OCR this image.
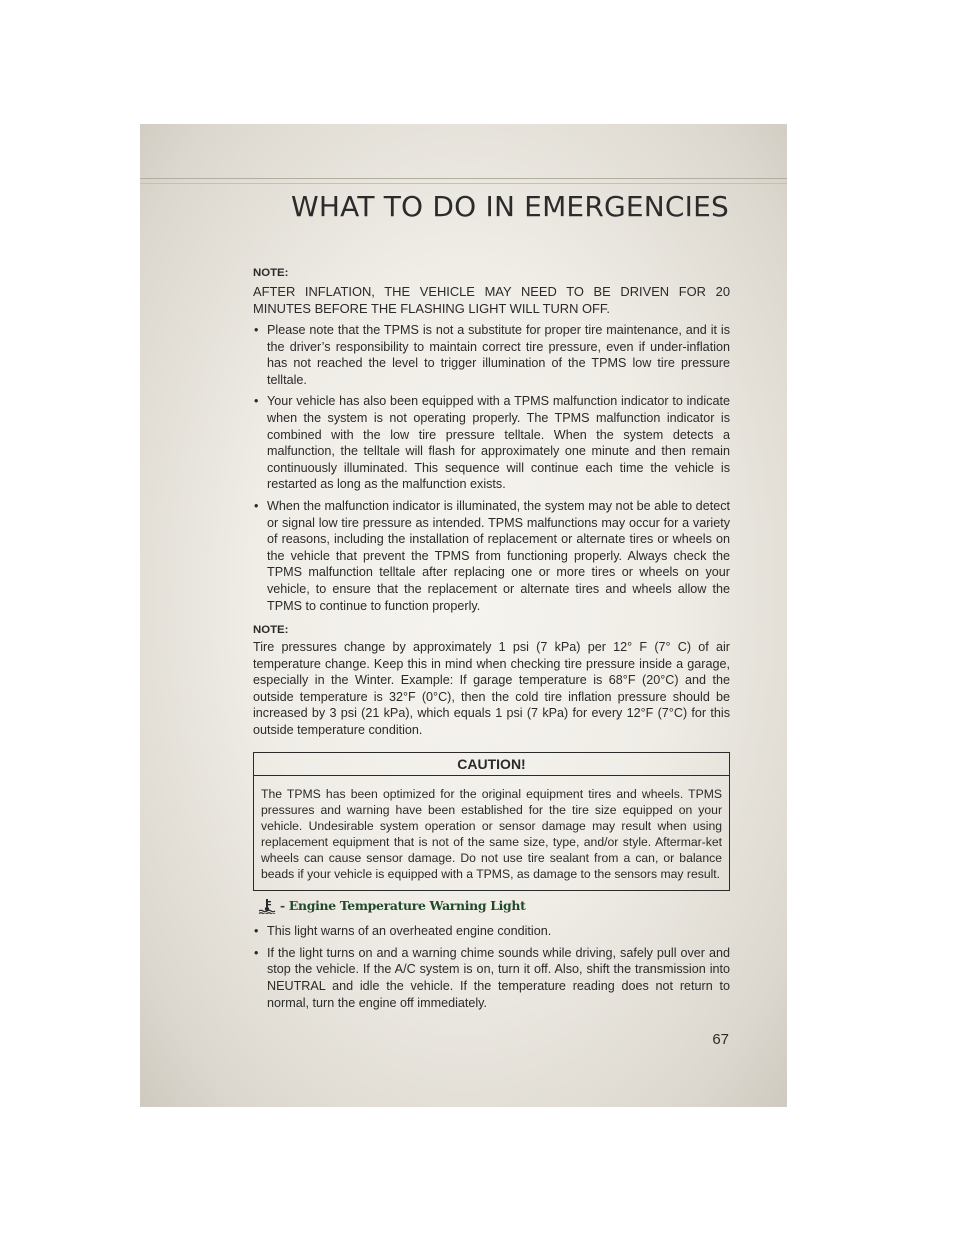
WHAT TO DO IN EMERGENCIES

NOTE:

AFTER INFLATION, THE VEHICLE MAY NEED TO BE DRIVEN FOR 20 MINUTES BEFORE THE FLASHING LIGHT WILL TURN OFF.

• Please note that the TPMS is not a substitute for proper tire maintenance, and it is the driver’s responsibility to maintain correct tire pressure, even if under-inflation has not reached the level to trigger illumination of the TPMS low tire pressure telltale.
• Your vehicle has also been equipped with a TPMS malfunction indicator to indicate when the system is not operating properly. The TPMS malfunction indicator is combined with the low tire pressure telltale. When the system detects a malfunction, the telltale will flash for approximately one minute and then remain continuously illuminated. This sequence will continue each time the vehicle is restarted as long as the malfunction exists.
• When the malfunction indicator is illuminated, the system may not be able to detect or signal low tire pressure as intended. TPMS malfunctions may occur for a variety of reasons, including the installation of replacement or alternate tires or wheels on the vehicle that prevent the TPMS from functioning properly. Always check the TPMS malfunction telltale after replacing one or more tires or wheels on your vehicle, to ensure that the replacement or alternate tires and wheels allow the TPMS to continue to function properly.

NOTE:

Tire pressures change by approximately 1 psi (7 kPa) per 12° F (7° C) of air temperature change. Keep this in mind when checking tire pressure inside a garage, especially in the Winter. Example: If garage temperature is 68°F (20°C) and the outside temperature is 32°F (0°C), then the cold tire inflation pressure should be increased by 3 psi (21 kPa), which equals 1 psi (7 kPa) for every 12°F (7°C) for this outside temperature condition.

CAUTION!
The TPMS has been optimized for the original equipment tires and wheels. TPMS pressures and warning have been established for the tire size equipped on your vehicle. Undesirable system operation or sensor damage may result when using replacement equipment that is not of the same size, type, and/or style. Aftermar-ket wheels can cause sensor damage. Do not use tire sealant from a can, or balance beads if your vehicle is equipped with a TPMS, as damage to the sensors may result.
- Engine Temperature Warning Light
• This light warns of an overheated engine condition.
• If the light turns on and a warning chime sounds while driving, safely pull over and stop the vehicle. If the A/C system is on, turn it off. Also, shift the transmission into NEUTRAL and idle the vehicle. If the temperature reading does not return to normal, turn the engine off immediately.
67
